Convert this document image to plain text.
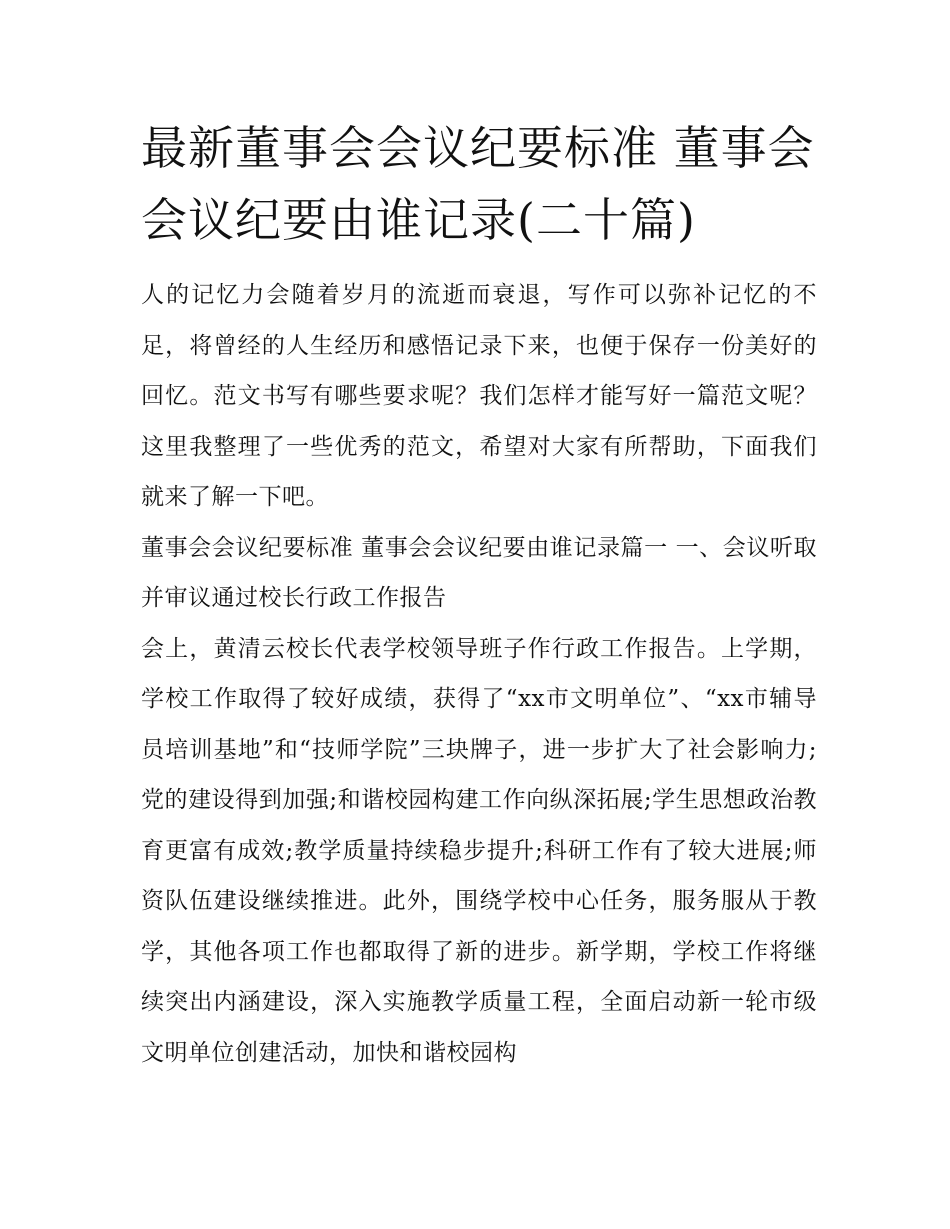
最新董事会会议纪要标准 董事会会议纪要由谁记录(二十篇)

人的记忆力会随着岁月的流逝而衰退，写作可以弥补记忆的不足，将曾经的人生经历和感悟记录下来，也便于保存一份美好的回忆。范文书写有哪些要求呢？我们怎样才能写好一篇范文呢？这里我整理了一些优秀的范文，希望对大家有所帮助，下面我们就来了解一下吧。

董事会会议纪要标准 董事会会议纪要由谁记录篇一 一、会议听取并审议通过校长行政工作报告

会上，黄清云校长代表学校领导班子作行政工作报告。上学期，学校工作取得了较好成绩，获得了“xx市文明单位”、“xx市辅导员培训基地”和“技师学院”三块牌子，进一步扩大了社会影响力;党的建设得到加强;和谐校园构建工作向纵深拓展;学生思想政治教育更富有成效;教学质量持续稳步提升;科研工作有了较大进展;师资队伍建设继续推进。此外，围绕学校中心任务，服务服从于教学，其他各项工作也都取得了新的进步。新学期，学校工作将继续突出内涵建设，深入实施教学质量工程，全面启动新一轮市级文明单位创建活动，加快和谐校园构
